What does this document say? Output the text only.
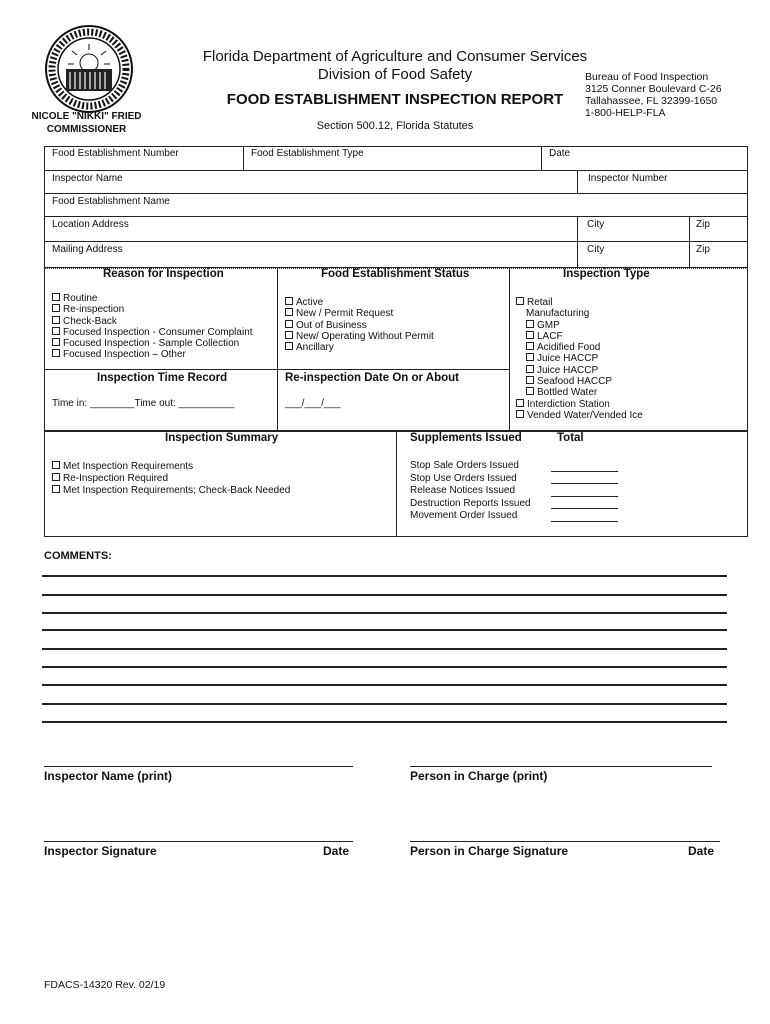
Florida Department of Agriculture and Consumer Services
Division of Food Safety
FOOD ESTABLISHMENT INSPECTION REPORT
Section 500.12, Florida Statutes
Bureau of Food Inspection
3125 Conner Boulevard C-26
Tallahassee, FL 32399-1650
1-800-HELP-FLA
NICOLE "NIKKI" FRIED
COMMISSIONER
Food Establishment Number	Food Establishment Type	Date
Inspector Name	Inspector Number
Food Establishment Name
Location Address	City	Zip
Mailing Address	City	Zip
Reason for Inspection
Routine
Re-inspection
Check-Back
Focused Inspection - Consumer Complaint
Focused Inspection - Sample Collection
Focused Inspection – Other
Food Establishment Status
Active
New / Permit Request
Out of Business
New/ Operating Without Permit
Ancillary
Inspection Type
Retail
Manufacturing
GMP
LACF
Acidified Food
Juice HACCP
Juice HACCP
Seafood HACCP
Bottled Water
Interdiction Station
Vended Water/Vended Ice
Inspection Time Record
Time in: ________Time out: __________
Re-inspection Date On or About
___/___/___
Inspection Summary
Met Inspection Requirements
Re-Inspection Required
Met Inspection Requirements; Check-Back Needed
Supplements Issued	Total
Stop Sale Orders Issued
Stop Use Orders Issued
Release Notices Issued
Destruction Reports Issued
Movement Order Issued
COMMENTS:
Inspector Name (print)	Person in Charge (print)
Inspector Signature	Date	Person in Charge Signature	Date
FDACS-14320 Rev. 02/19
